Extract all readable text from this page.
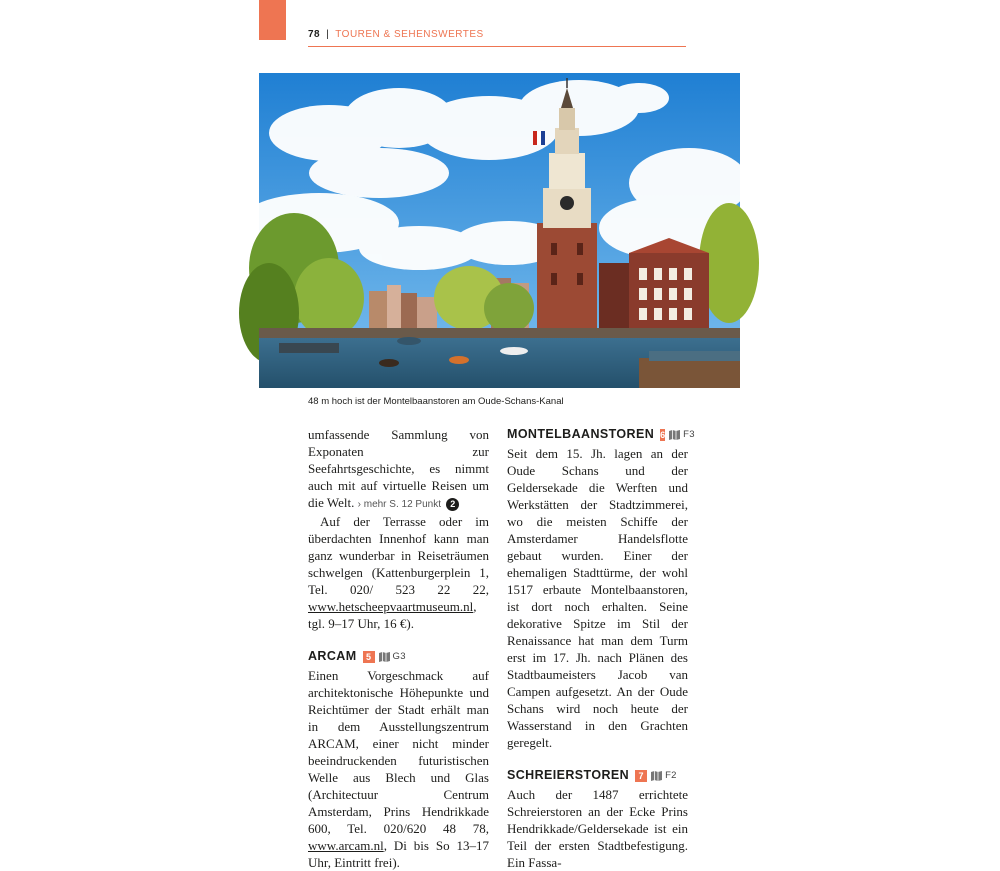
78 | TOUREN & SEHENSWERTES
48 m hoch ist der Montelbaanstoren am Oude-Schans-Kanal

umfassende Sammlung von Exponaten zur Seefahrtsgeschichte, es nimmt auch mit auf virtuelle Reisen um die Welt. › mehr S. 12 Punkt 2

Auf der Terrasse oder im überdachten Innenhof kann man ganz wunderbar in Reiseträumen schwelgen (Kattenburgerplein 1, Tel. 020/ 523 22 22, www.hetscheepvaartmuseum.nl, tgl. 9–17 Uhr, 16 €).

ARCAM	5	G3

Einen Vorgeschmack auf architektonische Höhepunkte und Reichtümer der Stadt erhält man in dem Ausstellungszentrum ARCAM, einer nicht minder beeindruckenden futuristischen Welle aus Blech und Glas (Architectuur Centrum Amsterdam, Prins Hendrikkade 600, Tel. 020/620 48 78, www.arcam.nl, Di bis So 13–17 Uhr, Eintritt frei).

MONTELBAANSTOREN 6 F3

Seit dem 15. Jh. lagen an der Oude Schans und der Geldersekade die Werften und Werkstätten der Stadtzimmerei, wo die meisten Schiffe der Amsterdamer Handelsflotte gebaut wurden. Einer der ehemaligen Stadttürme, der wohl 1517 erbaute Montelbaanstoren, ist dort noch erhalten. Seine dekorative Spitze im Stil der Renaissance hat man dem Turm erst im 17. Jh. nach Plänen des Stadtbaumeisters Jacob van Campen aufgesetzt. An der Oude Schans wird noch heute der Wasserstand in den Grachten geregelt.

SCHREIERSTOREN	7	F2

Auch der 1487 errichtete Schreierstoren an der Ecke Prins Hendrikkade/Geldersekade ist ein Teil der ersten Stadtbefestigung. Ein Fassa-
